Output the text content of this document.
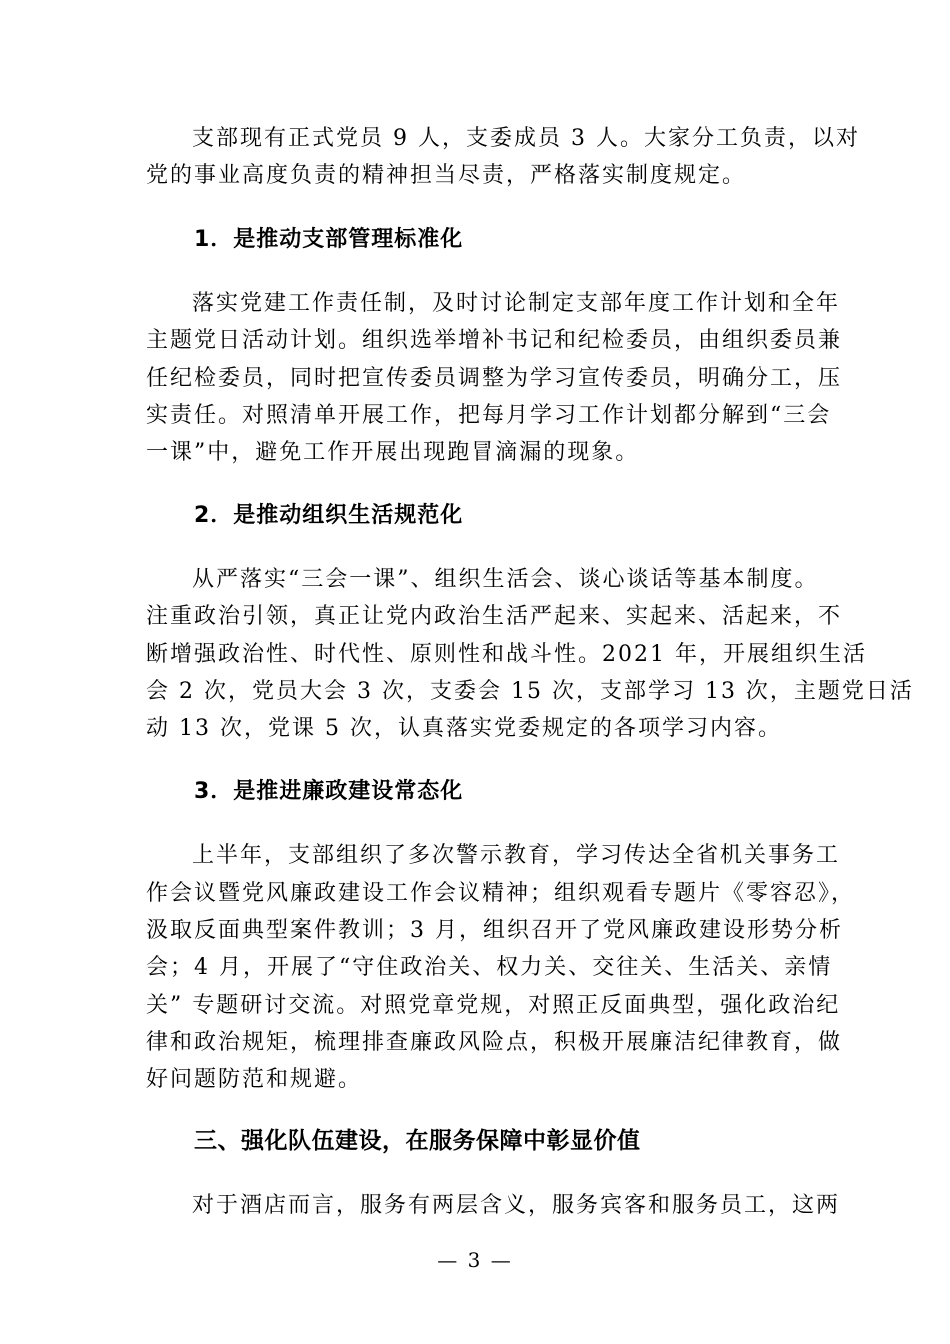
支部现有正式党员 9 人，支委成员 3 人。大家分工负责，以对
党的事业高度负责的精神担当尽责，严格落实制度规定。
1．是推动支部管理标准化
落实党建工作责任制，及时讨论制定支部年度工作计划和全年
主题党日活动计划。组织选举增补书记和纪检委员，由组织委员兼
任纪检委员，同时把宣传委员调整为学习宣传委员，明确分工，压
实责任。对照清单开展工作，把每月学习工作计划都分解到“三会
一课”中，避免工作开展出现跑冒滴漏的现象。
2．是推动组织生活规范化
从严落实“三会一课”、组织生活会、谈心谈话等基本制度。
注重政治引领，真正让党内政治生活严起来、实起来、活起来，不
断增强政治性、时代性、原则性和战斗性。2021 年，开展组织生活
会 2 次，党员大会 3 次，支委会 15 次，支部学习 13 次，主题党日活
动 13 次，党课 5 次，认真落实党委规定的各项学习内容。
3．是推进廉政建设常态化
上半年，支部组织了多次警示教育，学习传达全省机关事务工
作会议暨党风廉政建设工作会议精神；组织观看专题片《零容忍》，
汲取反面典型案件教训；3 月，组织召开了党风廉政建设形势分析
会；4 月，开展了“守住政治关、权力关、交往关、生活关、亲情
关” 专题研讨交流。对照党章党规，对照正反面典型，强化政治纪
律和政治规矩，梳理排查廉政风险点，积极开展廉洁纪律教育，做
好问题防范和规避。
三、强化队伍建设，在服务保障中彰显价值
对于酒店而言，服务有两层含义，服务宾客和服务员工，这两
— 3 —
